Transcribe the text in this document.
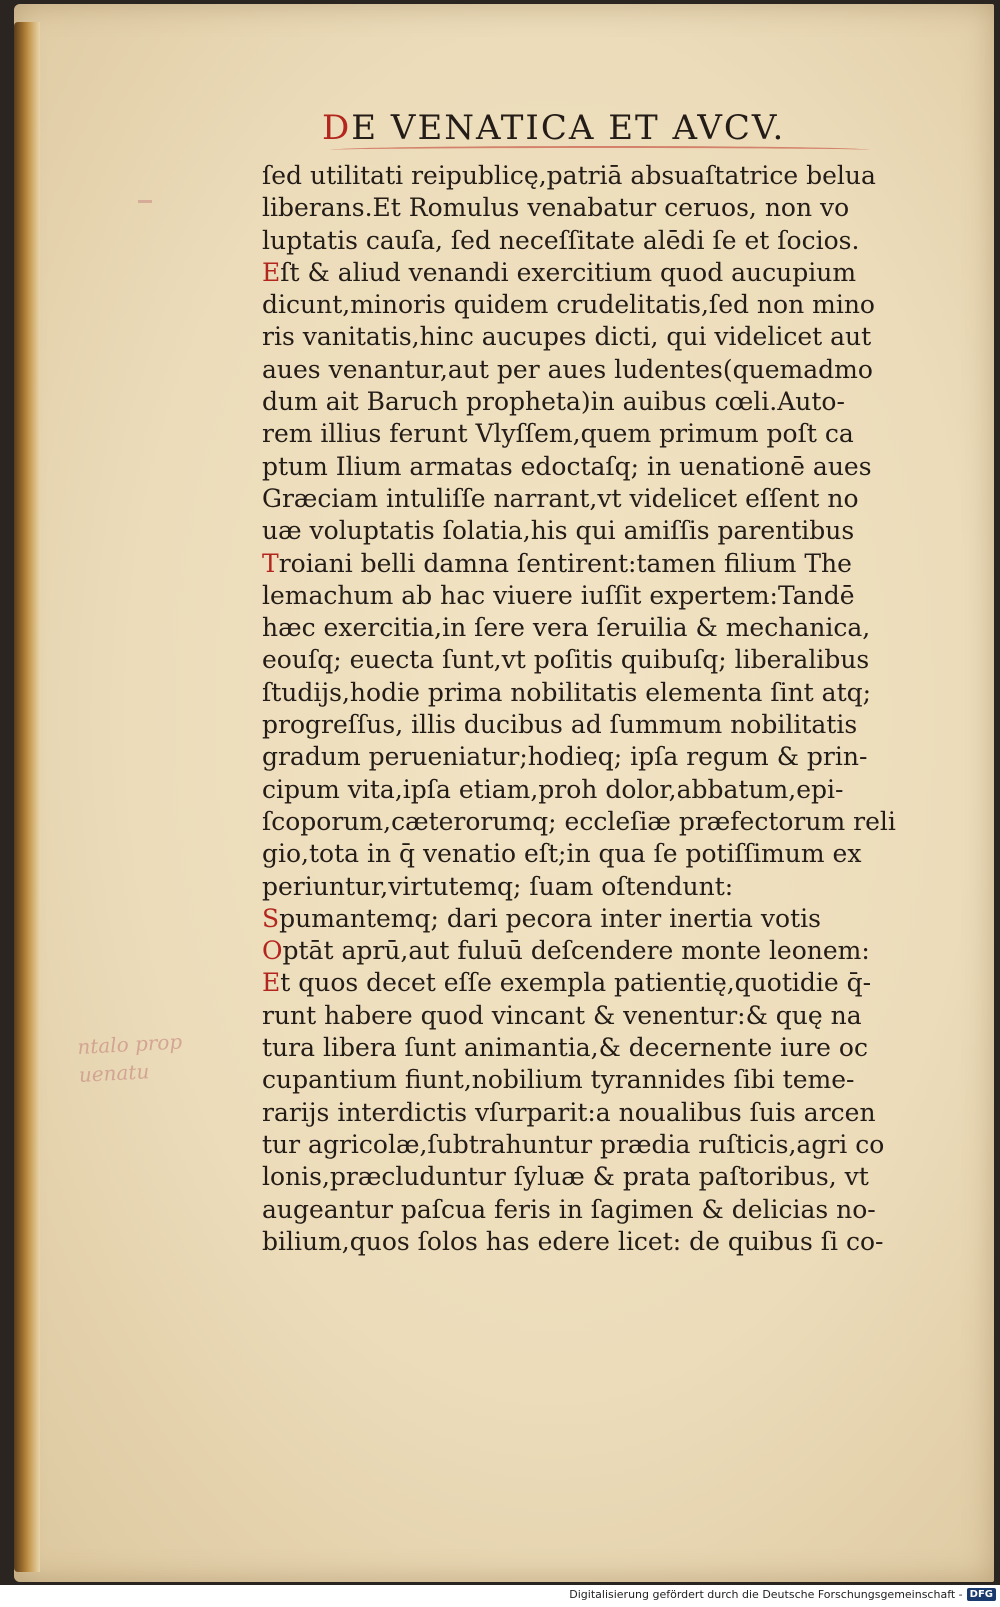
DE VENATICA ET AVCV.
ſed utilitati reipublicę,patriā absuaſtatrice belua
liberans.Et Romulus venabatur ceruos, non vo
luptatis cauſa, ſed neceſſitate alēdi ſe et ſocios.
Eſt & aliud venandi exercitium quod aucupium
dicunt,minoris quidem crudelitatis,ſed non mino
ris vanitatis,hinc aucupes dicti, qui videlicet aut
aues venantur,aut per aues ludentes(quemadmo
dum ait Baruch propheta)in auibus cœli.Auto-
rem illius ferunt Vlyſſem,quem primum poſt ca
ptum Ilium armatas edoctaſq; in uenationē aues
Græciam intuliſſe narrant,vt videlicet eſſent no
uæ voluptatis ſolatia,his qui amiſſis parentibus
Troiani belli damna ſentirent:tamen filium The
lemachum ab hac viuere iuſſit expertem:Tandē
hæc exercitia,in ſere vera ſeruilia & mechanica,
eouſq; euecta ſunt,vt poſitis quibuſq; liberalibus
ſtudijs,hodie prima nobilitatis elementa ſint atq;
progreſſus, illis ducibus ad ſummum nobilitatis
gradum perueniatur;hodieq; ipſa regum & prin-
cipum vita,ipſa etiam,proh dolor,abbatum,epi-
ſcoporum,cæterorumq; eccleſiæ præfectorum reli
gio,tota in q̄ venatio eſt;in qua ſe potiſſimum ex
periuntur,virtutemq; ſuam oſtendunt:
Spumantemq; dari pecora inter inertia votis
Optāt aprū,aut fuluū deſcendere monte leonem:
Et quos decet eſſe exempla patientię,quotidie q̄-
runt habere quod vincant & venentur:& quę na
tura libera ſunt animantia,& decernente iure oc
cupantium fiunt,nobilium tyrannides ſibi teme-
rarijs interdictis vſurparit:a noualibus ſuis arcen
tur agricolæ,ſubtrahuntur prædia ruſticis,agri co
lonis,præcluduntur ſyluæ & prata paſtoribus, vt
augeantur paſcua feris in ſagimen & delicias no-
bilium,quos ſolos has edere licet: de quibus ſi co-
ntalo prop
uenatu
Digitalisierung gefördert durch die Deutsche Forschungsgemeinschaft - DFG
